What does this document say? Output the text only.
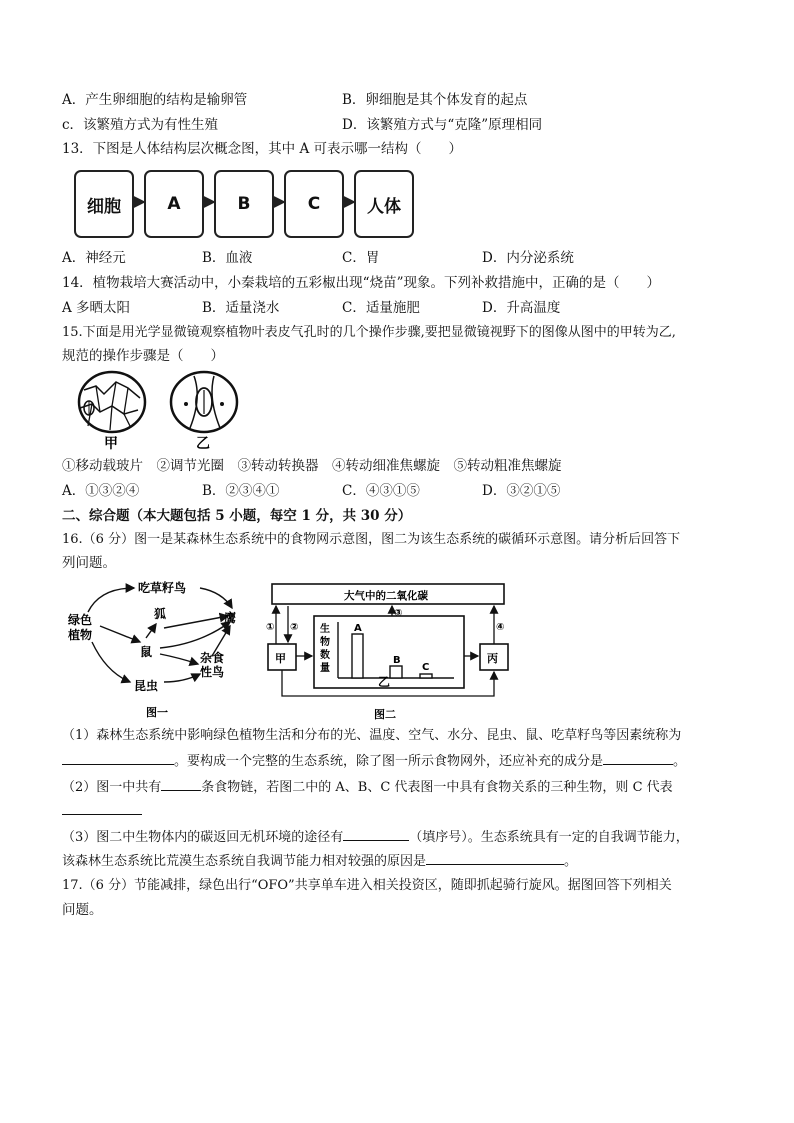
A．产生卵细胞的结构是输卵管	B．卵细胞是其个体发育的起点
c．该繁殖方式为有性生殖	D．该繁殖方式与“克隆”原理相同
13．下图是人体结构层次概念图，其中 A 可表示哪一结构（　　）
细胞	A	B	C	人体
A．神经元	B．血液	C．胃	D．内分泌系统
14．植物栽培大赛活动中，小秦栽培的五彩椒出现“烧苗”现象。下列补救措施中，正确的是（　　）
A 多晒太阳	B．适量浇水	C．适量施肥	D．升高温度
15.下面是用光学显微镜观察植物叶表皮气孔时的几个操作步骤,要把显微镜视野下的图像从图中的甲转为乙,
规范的操作步骤是（　　）
甲	乙
①移动载玻片　②调节光圈　③转动转换器　④转动细准焦螺旋　⑤转动粗准焦螺旋
A．①③②④	B．②③④①	C．④③①⑤	D．③②①⑤
二、综合题（本大题包括 5 小题，每空 1 分，共 30 分）
16.（6 分）图一是某森林生态系统中的食物网示意图，图二为该生态系统的碳循环示意图。请分析后回答下
列问题。
绿色
植物
吃草籽鸟
狐	鹰
鼠	杂食
性鸟
昆虫
图一
大气中的二氧化碳
甲	丙
生
物
数
量
A
B
C
乙
① ②
③
④
图二
（1）森林生态系统中影响绿色植物生活和分布的光、温度、空气、水分、昆虫、鼠、吃草籽鸟等因素统称为
。要构成一个完整的生态系统，除了图一所示食物网外，还应补充的成分是	。
（2）图一中共有	条食物链，若图二中的 A、B、C 代表图一中具有食物关系的三种生物，则 C 代表
（3）图二中生物体内的碳返回无机环境的途径有	（填序号）。生态系统具有一定的自我调节能力，
该森林生态系统比荒漠生态系统自我调节能力相对较强的原因是	。
17.（6 分）节能减排，绿色出行“OFO”共享单车进入相关投资区，随即抓起骑行旋风。据图回答下列相关
问题。
